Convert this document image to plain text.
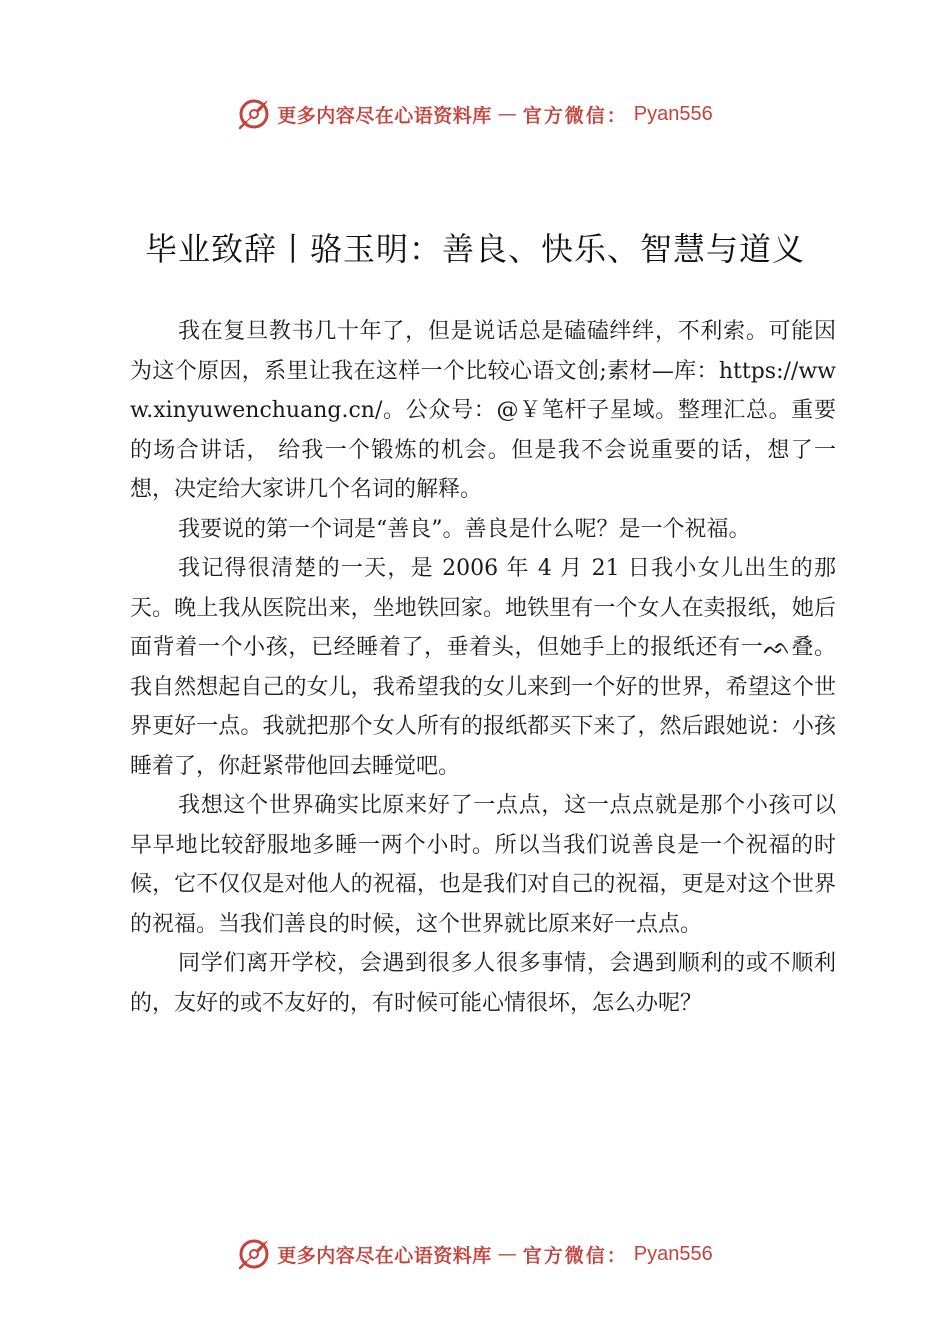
更多内容尽在心语资料库 — 官方微信： Pyan556
毕业致辞丨骆玉明：善良、快乐、智慧与道义

我在复旦教书几十年了，但是说话总是磕磕绊绊，不利索。可能因为这个原因，系里让我在这样一个比较心语文创;素材—库：https://www.xinyuwenchuang.cn/。公众号：@￥笔杆子星域。整理汇总。重要的场合讲话， 给我一个锻炼的机会。但是我不会说重要的话，想了一想，决定给大家讲几个名词的解释。

我要说的第一个词是“善良”。善良是什么呢？是一个祝福。

我记得很清楚的一天，是 2006 年 4 月 21 日我小女儿出生的那天。晚上我从医院出来，坐地铁回家。地铁里有一个女人在卖报纸，她后面背着一个小孩，已经睡着了，垂着头，但她手上的报纸还有一ᨒ叠。我自然想起自己的女儿，我希望我的女儿来到一个好的世界，希望这个世界更好一点。我就把那个女人所有的报纸都买下来了，然后跟她说：小孩睡着了，你赶紧带他回去睡觉吧。

我想这个世界确实比原来好了一点点，这一点点就是那个小孩可以早早地比较舒服地多睡一两个小时。所以当我们说善良是一个祝福的时候，它不仅仅是对他人的祝福，也是我们对自己的祝福，更是对这个世界的祝福。当我们善良的时候，这个世界就比原来好一点点。

同学们离开学校，会遇到很多人很多事情，会遇到顺利的或不顺利的，友好的或不友好的，有时候可能心情很坏，怎么办呢？

更多内容尽在心语资料库 — 官方微信： Pyan556
